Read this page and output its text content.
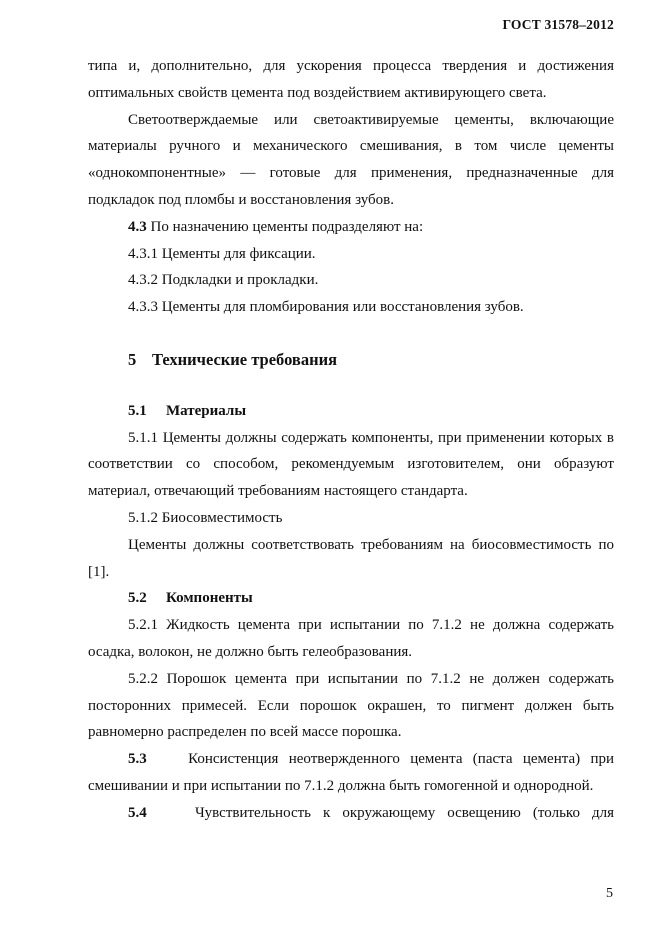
ГОСТ 31578–2012

типа и, дополнительно, для ускорения процесса твердения и достижения оптимальных свойств цемента под воздействием активирующего света.

Светоотверждаемые или светоактивируемые цементы, включающие материалы ручного и механического смешивания, в том числе цементы «однокомпонентные» — готовые для применения, предназначенные для подкладок под пломбы и восстановления зубов.

4.3 По назначению цементы подразделяют на:

4.3.1 Цементы для фиксации.

4.3.2 Подкладки и прокладки.

4.3.3 Цементы для пломбирования или восстановления зубов.

5 Технические требования
5.1 Материалы

5.1.1 Цементы должны содержать компоненты, при применении которых в соответствии со способом, рекомендуемым изготовителем, они образуют материал, отвечающий требованиям настоящего стандарта.

5.1.2 Биосовместимость

Цементы должны соответствовать требованиям на биосовместимость по [1].

5.2 Компоненты

5.2.1 Жидкость цемента при испытании по 7.1.2 не должна содержать осадка, волокон, не должно быть гелеобразования.

5.2.2 Порошок цемента при испытании по 7.1.2 не должен содержать посторонних примесей. Если порошок окрашен, то пигмент должен быть равномерно распределен по всей массе порошка.

5.3	Консистенция неотвержденного цемента (паста цемента) при смешивании и при испытании по 7.1.2 должна быть гомогенной и однородной.

5.4	Чувствительность к окружающему освещению (только для

5
